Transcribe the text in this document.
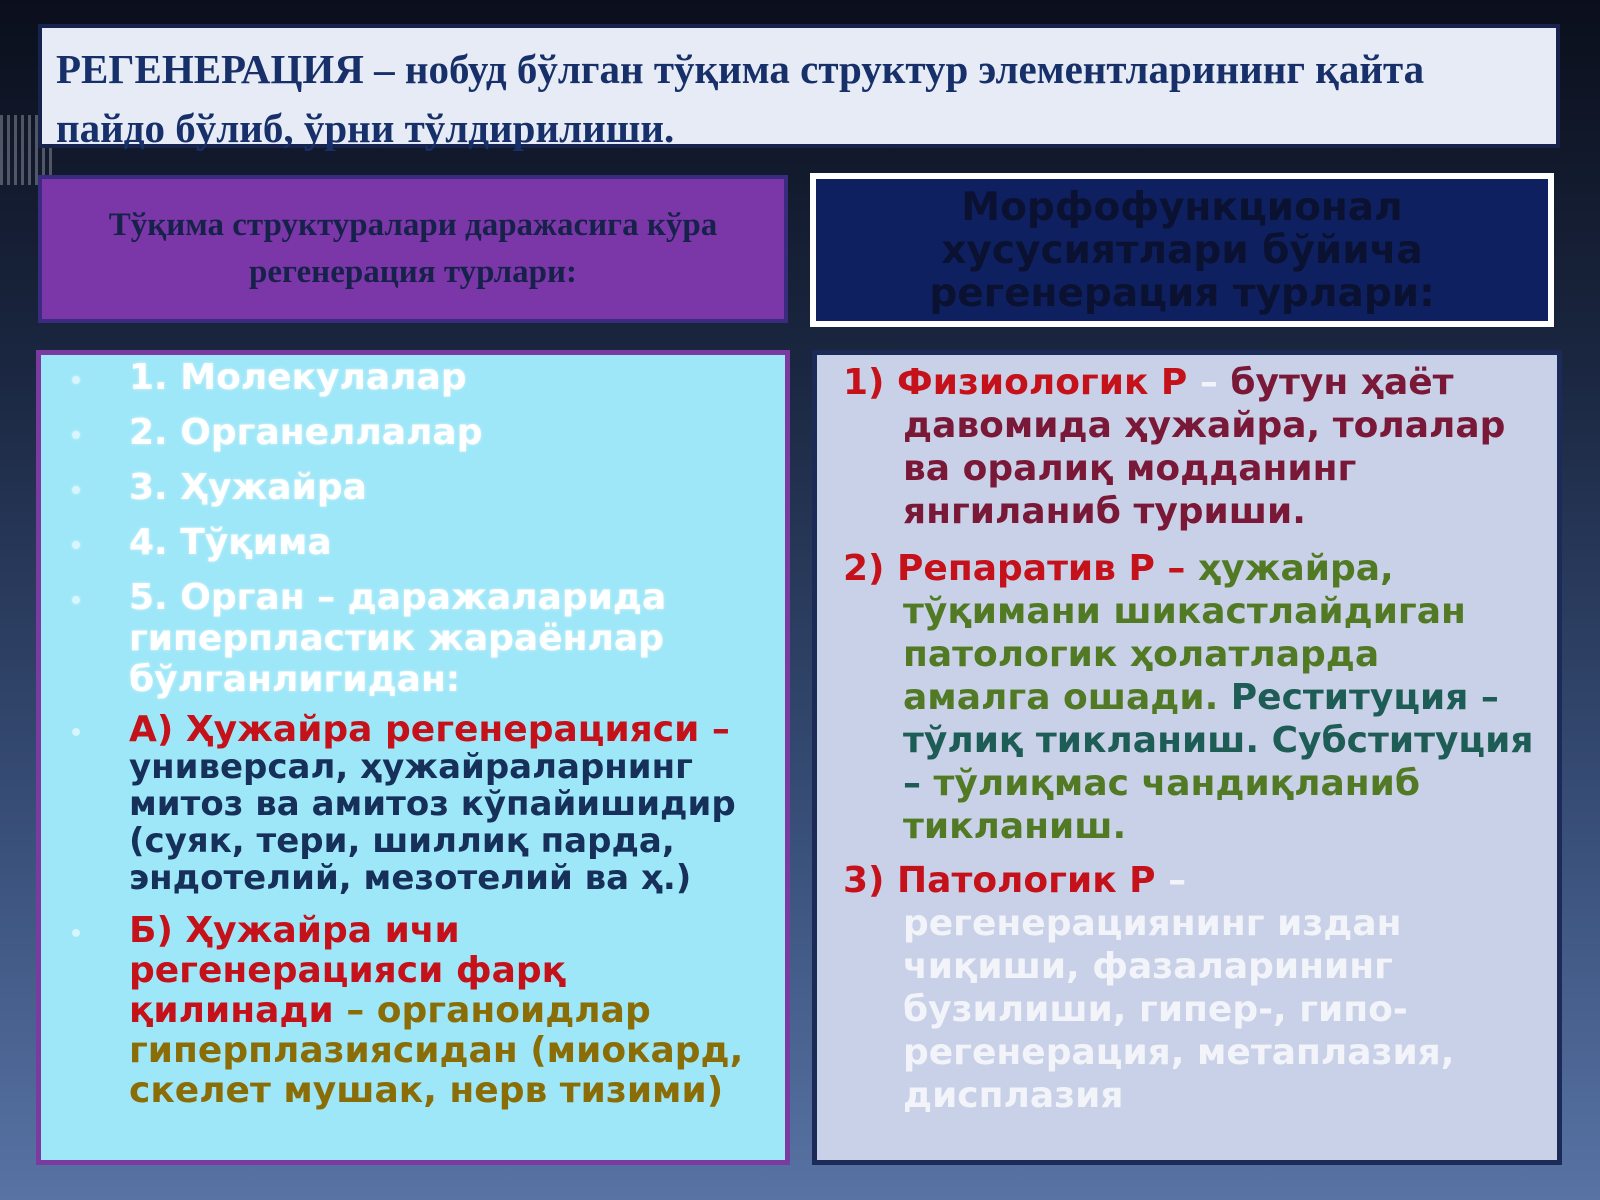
РЕГЕНЕРАЦИЯ – нобуд бўлган тўқима структур элементларининг қайта пайдо бўлиб, ўрни тўлдирилиши.
Тўқима структуралари даражасига кўра регенерация турлари:
Морфофункционал хусусиятлари бўйича регенерация турлари:
• 1. Молекулалар
• 2. Органеллалар
• 3. Ҳужайра
• 4. Тўқима
• 5. Орган – даражаларида гиперпластик жараёнлар бўлганлигидан:
• А) Ҳужайра регенерацияси – универсал, ҳужайраларнинг митоз ва амитоз кўпайишидир (суяк, тери, шиллиқ парда, эндотелий, мезотелий ва ҳ.)
• Б) Ҳужайра ичи регенерацияси фарқ қилинади – органоидлар гиперплазиясидан (миокард, скелет мушак, нерв тизими)
1) Физиологик Р – бутун ҳаёт давомида ҳужайра, толалар ва оралиқ модданинг янгиланиб туриши.
2) Репаратив Р – ҳужайра, тўқимани шикастлайдиган патологик ҳолатларда амалга ошади. Реституция – тўлиқ тикланиш. Субституция – тўлиқмас чандиқланиб тикланиш.
3) Патологик Р – регенерациянинг издан чиқиши, фазаларининг бузилиши, гипер-, гипо- регенерация, метаплазия, дисплазия
